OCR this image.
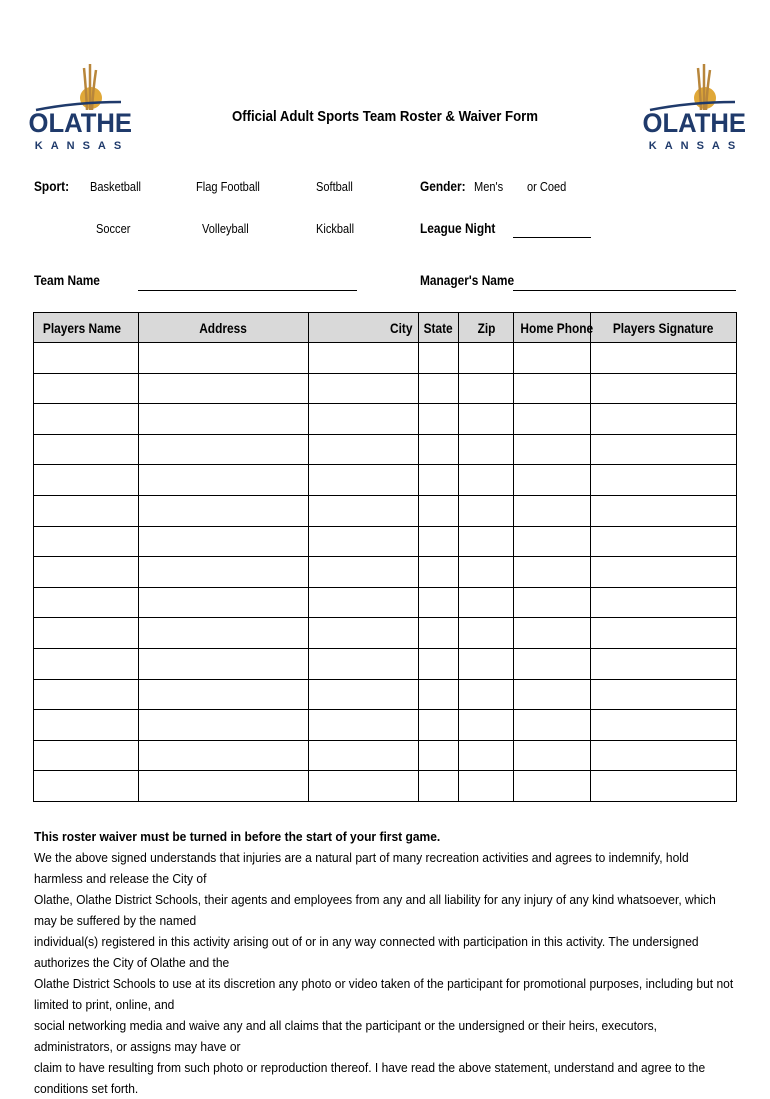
OLATHE
KANSAS
OLATHE
KANSAS
Official Adult Sports Team Roster & Waiver Form
Sport: Basketball	Flag Football	Softball	Gender: Men's or Coed
Soccer	Volleyball	Kickball	League Night
Team Name	Manager's Name
Players Name	Address	City	State	Zip	Home Phone	Players Signature

This roster waiver must be turned in before the start of your first game.
We the above signed understands that injuries are a natural part of many recreation activities and agrees to indemnify, hold harmless and release the City of
Olathe, Olathe District Schools, their agents and employees from any and all liability for any injury of any kind whatsoever, which may be suffered by the named
individual(s) registered in this activity arising out of or in any way connected with participation in this activity. The undersigned authorizes the City of Olathe and the
Olathe District Schools to use at its discretion any photo or video taken of the participant for promotional purposes, including but not limited to print, online, and
social networking media and waive any and all claims that the participant or the undersigned or their heirs, executors, administrators, or assigns may have or
claim to have resulting from such photo or reproduction thereof. I have read the above statement, understand and agree to the conditions set forth.
